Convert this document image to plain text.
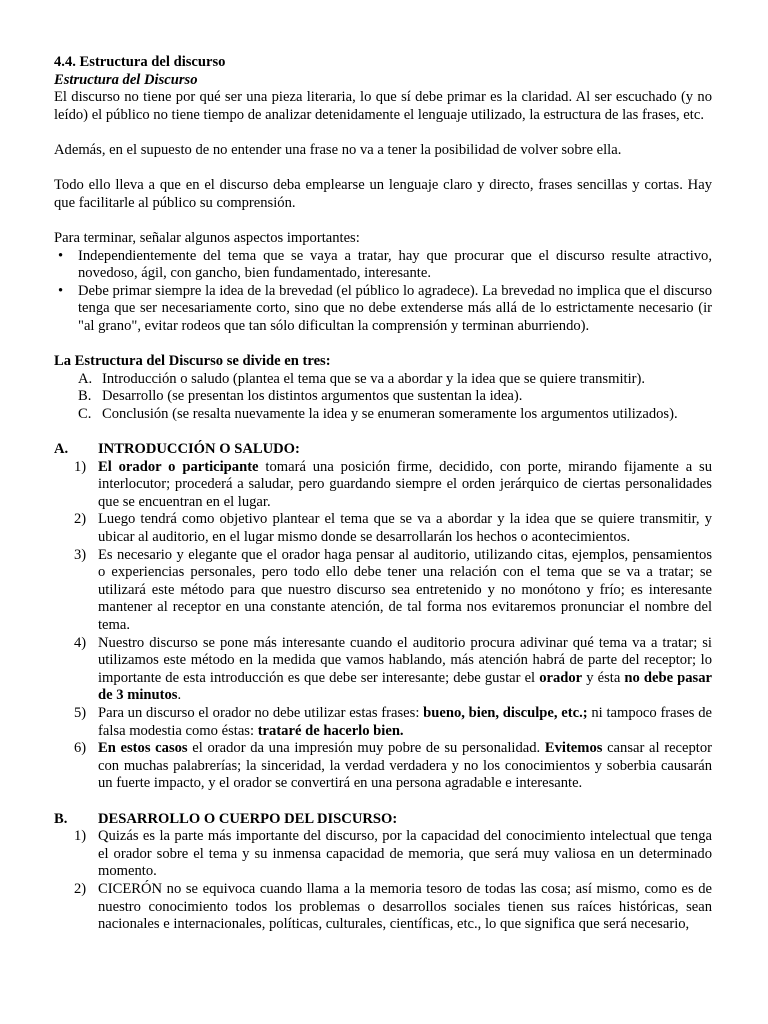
4.4. Estructura del discurso

Estructura del Discurso

El discurso no tiene por qué ser una pieza literaria, lo que sí debe primar es la claridad. Al ser escuchado (y no leído) el público no tiene tiempo de analizar detenidamente el lenguaje utilizado, la estructura de las frases, etc.

Además, en el supuesto de no entender una frase no va a tener la posibilidad de volver sobre ella.

Todo ello lleva a que en el discurso deba emplearse un lenguaje claro y directo, frases sencillas y cortas. Hay que facilitarle al público su comprensión.

Para terminar, señalar algunos aspectos importantes:

• Independientemente del tema que se vaya a tratar, hay que procurar que el discurso resulte atractivo, novedoso, ágil, con gancho, bien fundamentado, interesante.
• Debe primar siempre la idea de la brevedad (el público lo agradece). La brevedad no implica que el discurso tenga que ser necesariamente corto, sino que no debe extenderse más allá de lo estrictamente necesario (ir "al grano", evitar rodeos que tan sólo dificultan la comprensión y terminan aburriendo).

La Estructura del Discurso se divide en tres:

A. Introducción o saludo (plantea el tema que se va a abordar y la idea que se quiere transmitir).
B. Desarrollo (se presentan los distintos argumentos que sustentan la idea).
C. Conclusión (se resalta nuevamente la idea y se enumeran someramente los argumentos utilizados).
A.	INTRODUCCIÓN O SALUDO:
1) El orador o participante tomará una posición firme, decidido, con porte, mirando fijamente a su interlocutor; procederá a saludar, pero guardando siempre el orden jerárquico de ciertas personalidades que se encuentran en el lugar.
2) Luego tendrá como objetivo plantear el tema que se va a abordar y la idea que se quiere transmitir, y ubicar al auditorio, en el lugar mismo donde se desarrollarán los hechos o acontecimientos.
3) Es necesario y elegante que el orador haga pensar al auditorio, utilizando citas, ejemplos, pensamientos o experiencias personales, pero todo ello debe tener una relación con el tema que se va a tratar; se utilizará este método para que nuestro discurso sea entretenido y no monótono y frío; es interesante mantener al receptor en una constante atención, de tal forma nos evitaremos pronunciar el nombre del tema.
4) Nuestro discurso se pone más interesante cuando el auditorio procura adivinar qué tema va a tratar; si utilizamos este método en la medida que vamos hablando, más atención habrá de parte del receptor; lo importante de esta introducción es que debe ser interesante; debe gustar el orador y ésta no debe pasar de 3 minutos.
5) Para un discurso el orador no debe utilizar estas frases: bueno, bien, disculpe, etc.; ni tampoco frases de falsa modestia como éstas: trataré de hacerlo bien.
6) En estos casos el orador da una impresión muy pobre de su personalidad. Evitemos cansar al receptor con muchas palabrerías; la sinceridad, la verdad verdadera y no los conocimientos y soberbia causarán un fuerte impacto, y el orador se convertirá en una persona agradable e interesante.
B.	DESARROLLO O CUERPO DEL DISCURSO:
1) Quizás es la parte más importante del discurso, por la capacidad del conocimiento intelectual que tenga el orador sobre el tema y su inmensa capacidad de memoria, que será muy valiosa en un determinado momento.
2) CICERÓN no se equivoca cuando llama a la memoria tesoro de todas las cosa; así mismo, como es de nuestro conocimiento todos los problemas o desarrollos sociales tienen sus raíces históricas, sean nacionales e internacionales, políticas, culturales, científicas, etc., lo que significa que será necesario,
